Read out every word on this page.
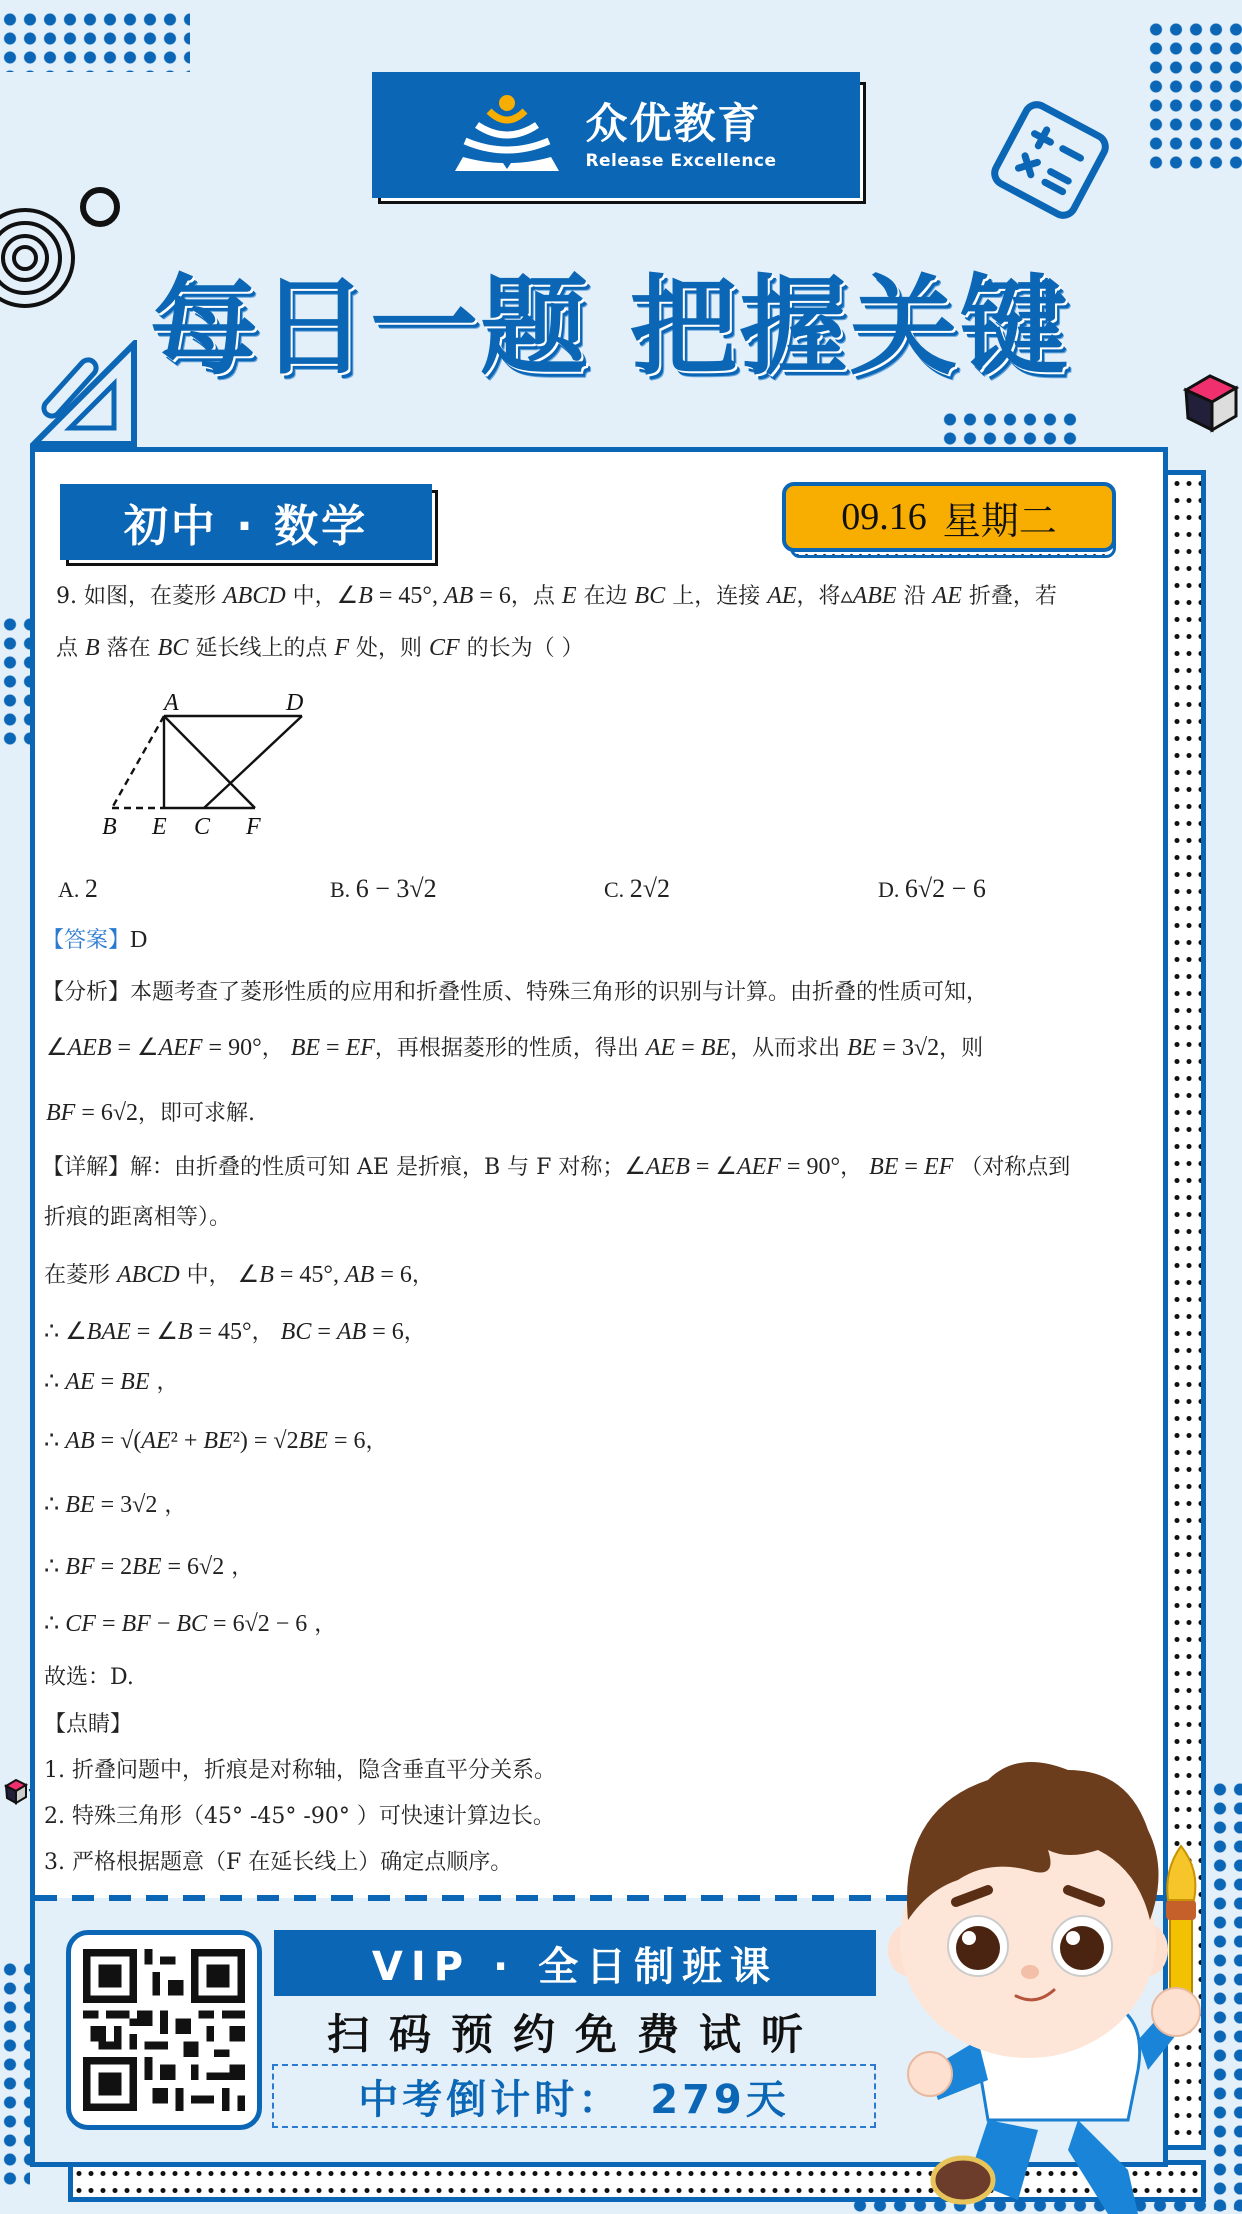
众优教育
Release Excellence
每日一题 把握关键
初中 · 数学	09.16 星期二
9. 如图，在菱形 ABCD 中，∠B = 45°, AB = 6，点 E 在边 BC 上，连接 AE，将▵ABE 沿 AE 折叠，若
点 B 落在 BC 延长线上的点 F 处，则 CF 的长为（ ）
A	D
B E C F
A. 2	B. 6 − 3√2	C. 2√2	D. 6√2 − 6
【答案】D
【分析】本题考查了菱形性质的应用和折叠性质、特殊三角形的识别与计算。由折叠的性质可知，
∠AEB = ∠AEF = 90°， BE = EF，再根据菱形的性质，得出 AE = BE，从而求出 BE = 3√2，则
BF = 6√2，即可求解.
【详解】解：由折叠的性质可知 AE 是折痕，B 与 F 对称；∠AEB = ∠AEF = 90°， BE = EF （对称点到
折痕的距离相等）。
在菱形 ABCD 中， ∠B = 45°, AB = 6，
∴ ∠BAE = ∠B = 45°， BC = AB = 6，
∴ AE = BE ，
∴ AB = √(AE² + BE²) = √2BE = 6，
∴ BE = 3√2 ，
∴ BF = 2BE = 6√2 ，
∴ CF = BF − BC = 6√2 − 6 ，
故选：D.
【点睛】
1. 折叠问题中，折痕是对称轴，隐含垂直平分关系。
2. 特殊三角形（45° -45° -90° ）可快速计算边长。
3. 严格根据题意（F 在延长线上）确定点顺序。
VIP · 全日制班课
扫码预约免费试听
中考倒计时： 279天
